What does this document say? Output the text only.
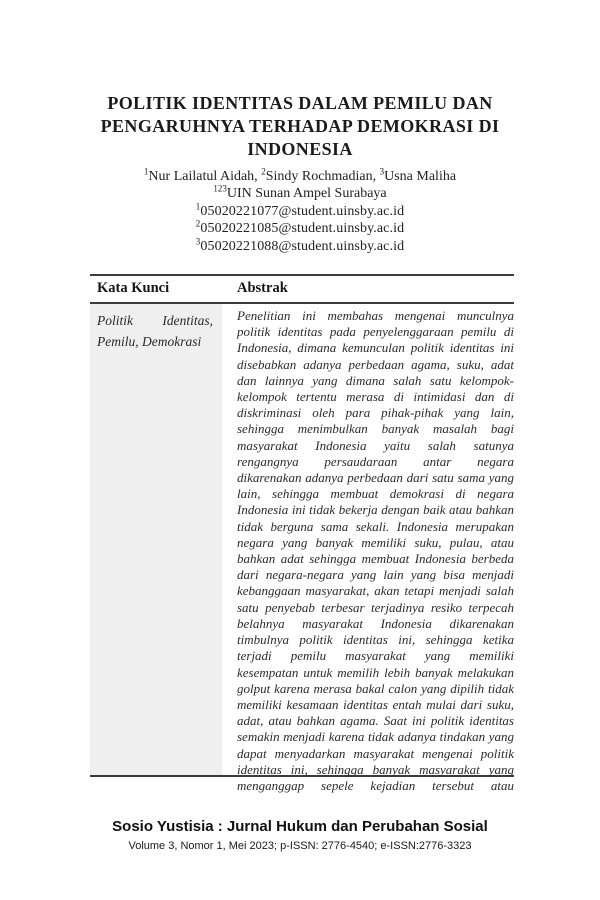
POLITIK IDENTITAS DALAM PEMILU DAN
PENGARUHNYA TERHADAP DEMOKRASI DI
INDONESIA
$^1$Nur Lailatul Aidah, $^2$Sindy Rochmadian, $^3$Usna Maliha
$^{123}$UIN Sunan Ampel Surabaya
$^1$05020221077@student.uinsby.ac.id
$^2$05020221085@student.uinsby.ac.id
$^3$05020221088@student.uinsby.ac.id
Kata Kunci	Abstrak
Politik Identitas, Pemilu, Demokrasi
Penelitian ini membahas mengenai munculnya politik identitas pada penyelenggaraan pemilu di Indonesia, dimana kemunculan politik identitas ini disebabkan adanya perbedaan agama, suku, adat dan lainnya yang dimana salah satu kelompok-kelompok tertentu merasa di intimidasi dan di diskriminasi oleh para pihak-pihak yang lain, sehingga menimbulkan banyak masalah bagi masyarakat Indonesia yaitu salah satunya rengangnya persaudaraan antar negara dikarenakan adanya perbedaan dari satu sama yang lain, sehingga membuat demokrasi di negara Indonesia ini tidak bekerja dengan baik atau bahkan tidak berguna sama sekali. Indonesia merupakan negara yang banyak memiliki suku, pulau, atau bahkan adat sehingga membuat Indonesia berbeda dari negara-negara yang lain yang bisa menjadi kebanggaan masyarakat, akan tetapi menjadi salah satu penyebab terbesar terjadinya resiko terpecah belahnya masyarakat Indonesia dikarenakan timbulnya politik identitas ini, sehingga ketika terjadi pemilu masyarakat yang memiliki kesempatan untuk memilih lebih banyak melakukan golput karena merasa bakal calon yang dipilih tidak memiliki kesamaan identitas entah mulai dari suku, adat, atau bahkan agama. Saat ini politik identitas semakin menjadi karena tidak adanya tindakan yang dapat menyadarkan masyarakat mengenai politik identitas ini, sehingga banyak masyarakat yang menganggap sepele kejadian tersebut atau
Sosio Yustisia : Jurnal Hukum dan Perubahan Sosial
Volume 3, Nomor 1, Mei 2023; p-ISSN: 2776-4540; e-ISSN:2776-3323
